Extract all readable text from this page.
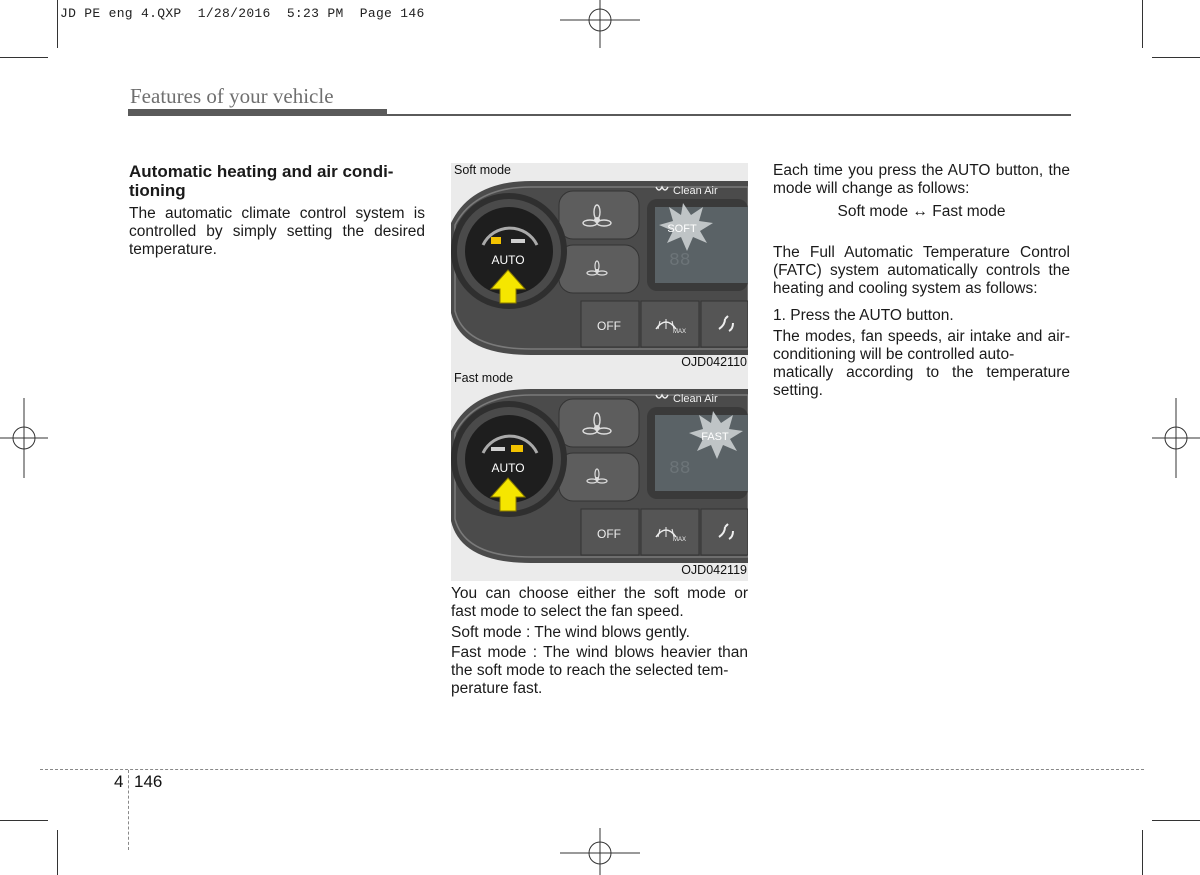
JD PE eng 4.QXP  1/28/2016  5:23 PM  Page 146
Features of your vehicle
Automatic heating and air condi-
tioning
The automatic climate control system is controlled by simply setting the desired temperature.
SOFT
88
Clean Air
OFF	MAX
AUTO
Soft mode
OJD042110
FAST
88
Clean Air
OFF	MAX
AUTO
Fast mode
OJD042119
You can choose either the soft mode or fast mode to select the fan speed.
Soft mode : The wind blows gently.
Fast mode : The wind blows heavier than the soft mode to reach the selected tem-
perature fast.
Each time you press the AUTO button, the mode will change as follows:
Soft mode ↔ Fast mode
The Full Automatic Temperature Control (FATC) system automatically controls the heating and cooling system as follows:
1. Press the AUTO button.
The modes, fan speeds, air intake and air-conditioning will be controlled auto-
matically according to the temperature setting.
4 146
